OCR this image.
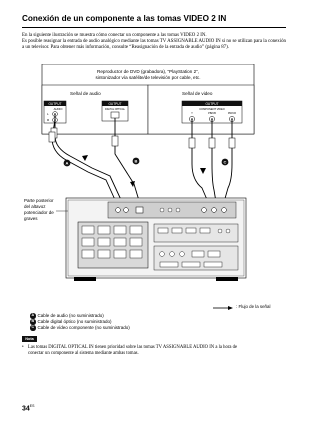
Conexión de un componente a las tomas VIDEO 2 IN

En la siguiente ilustración se muestra cómo conectar un componente a las tomas VIDEO 2 IN.

Es posible reasignar la entrada de audio analógico mediante las tomas TV ASSIGNABLE AUDIO IN si no se utilizan para la conexión a un televisor. Para obtener más información, consulte “Reasignación de la entrada de audio” (página 87).

Reproductor de DVD (grabadora), “PlayStation 2”,
sintonizador vía satélite/de televisión por cable, etc.
Señal de audio	Señal de video
OUTPUT
AUDIO
L
R
OUTPUT
DIGITAL OPTICAL
OUTPUT
COMPONENT VIDEO
Y	PB/CB	PR/CR
A	B	C
Parte posterior
del altavoz
potenciador de
graves
: Flujo de la señal
A Cable de audio (no suministrado)
B Cable digital óptico (no suministrado)
C Cable de vídeo componente (no suministrado)
Nota
• Las tomas DIGITAL OPTICAL IN tienen prioridad sobre las tomas TV ASSIGNABLE AUDIO IN a la hora de
conectar un componente al sistema mediante ambas tomas.
$34^{ES}$
